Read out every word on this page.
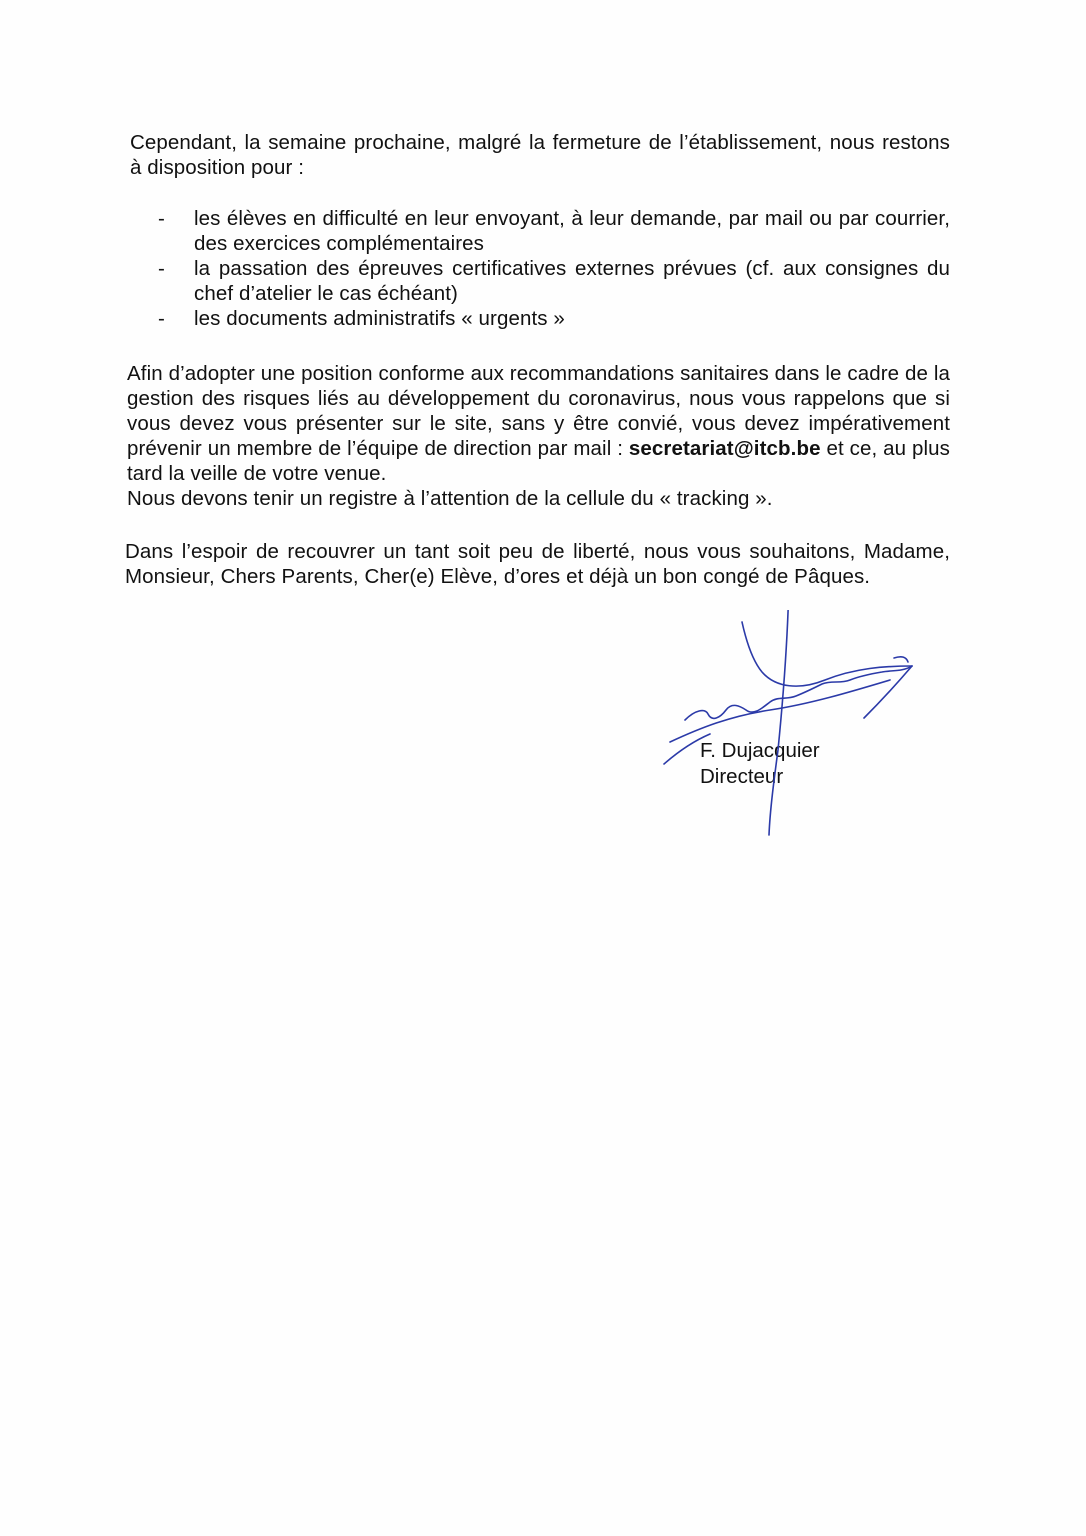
Cependant, la semaine prochaine, malgré la fermeture de l’établissement, nous restons à disposition pour :
- les élèves en difficulté en leur envoyant, à leur demande, par mail ou par courrier, des exercices complémentaires
- la passation des épreuves certificatives externes prévues (cf. aux consignes du chef d’atelier le cas échéant)
- les documents administratifs « urgents »
Afin d’adopter une position conforme aux recommandations sanitaires dans le cadre de la gestion des risques liés au développement du coronavirus, nous vous rappelons que si vous devez vous présenter sur le site, sans y être convié, vous devez impérativement prévenir un membre de l’équipe de direction par mail : secretariat@itcb.be et ce, au plus tard la veille de votre venue.
Nous devons tenir un registre à l’attention de la cellule du « tracking ».
Dans l’espoir de recouvrer un tant soit peu de liberté, nous vous souhaitons, Madame, Monsieur, Chers Parents, Cher(e) Elève, d’ores et déjà un bon congé de Pâques.
F. Dujacquier
Directeur
